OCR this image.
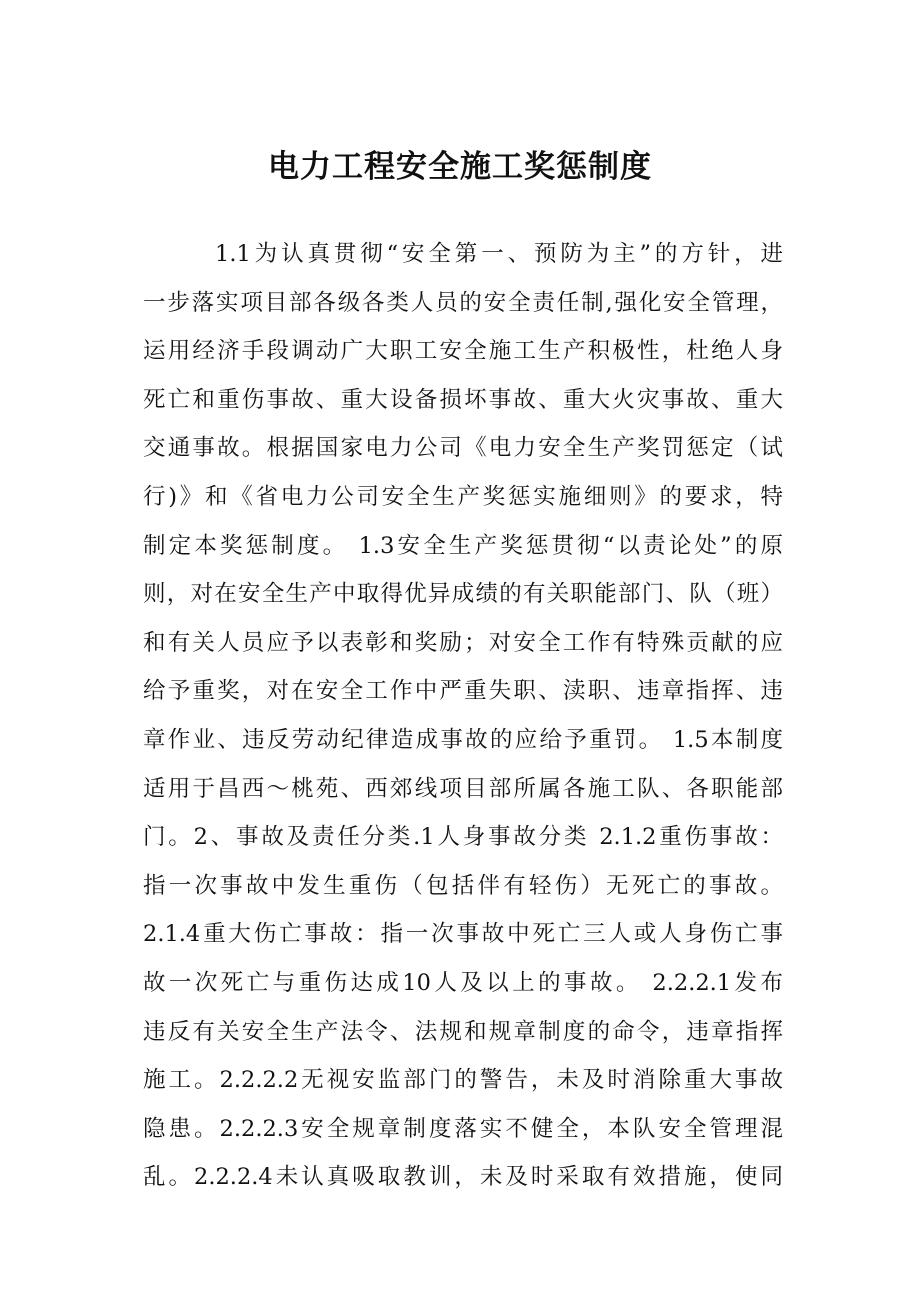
电力工程安全施工奖惩制度
1.1为认真贯彻“安全第一、预防为主”的方针，进
一步落实项目部各级各类人员的安全责任制,强化安全管理，
运用经济手段调动广大职工安全施工生产积极性，杜绝人身
死亡和重伤事故、重大设备损坏事故、重大火灾事故、重大
交通事故。根据国家电力公司《电力安全生产奖罚惩定（试
行)》和《省电力公司安全生产奖惩实施细则》的要求，特
制定本奖惩制度。 1.3安全生产奖惩贯彻“以责论处”的原
则，对在安全生产中取得优异成绩的有关职能部门、队（班）
和有关人员应予以表彰和奖励；对安全工作有特殊贡献的应
给予重奖，对在安全工作中严重失职、渎职、违章指挥、违
章作业、违反劳动纪律造成事故的应给予重罚。 1.5本制度
适用于昌西～桃苑、西郊线项目部所属各施工队、各职能部
门。2、事故及责任分类.1人身事故分类 2.1.2重伤事故：
指一次事故中发生重伤（包括伴有轻伤）无死亡的事故。
2.1.4重大伤亡事故：指一次事故中死亡三人或人身伤亡事
故一次死亡与重伤达成10人及以上的事故。 2.2.2.1发布
违反有关安全生产法令、法规和规章制度的命令，违章指挥
施工。2.2.2.2无视安监部门的警告，未及时消除重大事故
隐患。2.2.2.3安全规章制度落实不健全，本队安全管理混
乱。2.2.2.4未认真吸取教训，未及时采取有效措施，使同
